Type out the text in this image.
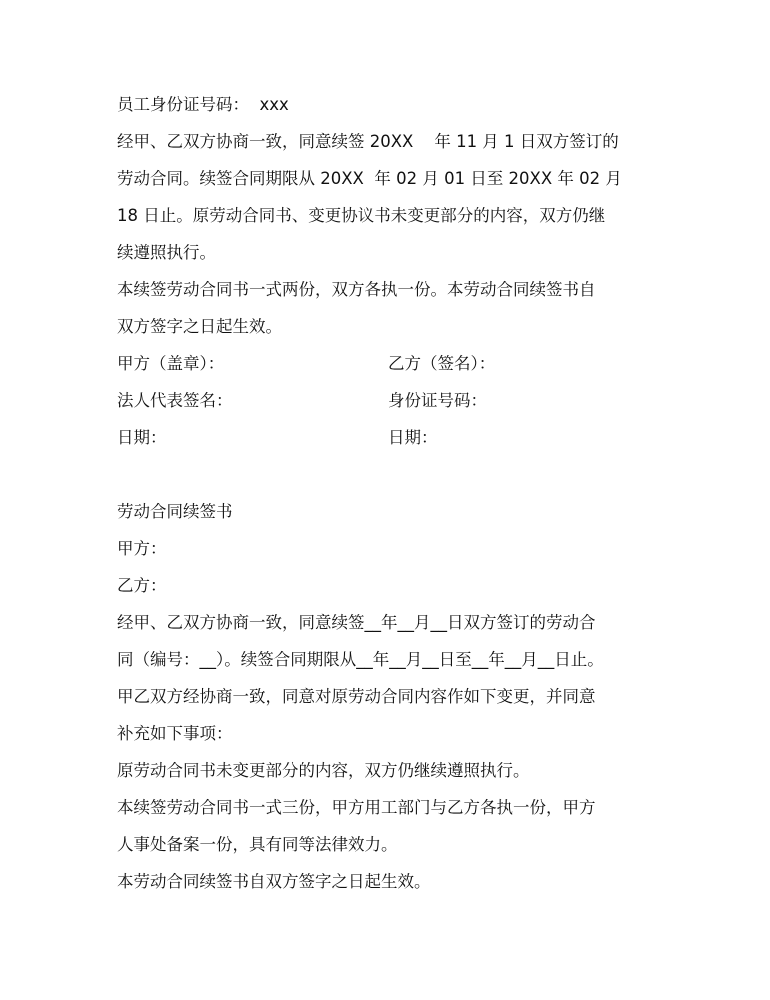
员工身份证号码：  xxx

经甲、乙双方协商一致，同意续签 20XX    年 11 月 1 日双方签订的

劳动合同。续签合同期限从 20XX  年 02 月 01 日至 20XX 年 02 月

18 日止。原劳动合同书、变更协议书未变更部分的内容，双方仍继

续遵照执行。

本续签劳动合同书一式两份，双方各执一份。本劳动合同续签书自

双方签字之日起生效。

甲方（盖章）：	乙方（签名）：
法人代表签名：	身份证号码：
日期：	日期：

劳动合同续签书

甲方：

乙方：

经甲、乙双方协商一致，同意续签__年__月__日双方签订的劳动合

同（编号：__）。续签合同期限从__年__月__日至__年__月__日止。

甲乙双方经协商一致，同意对原劳动合同内容作如下变更，并同意

补充如下事项：

原劳动合同书未变更部分的内容，双方仍继续遵照执行。

本续签劳动合同书一式三份，甲方用工部门与乙方各执一份，甲方

人事处备案一份，具有同等法律效力。

本劳动合同续签书自双方签字之日起生效。
